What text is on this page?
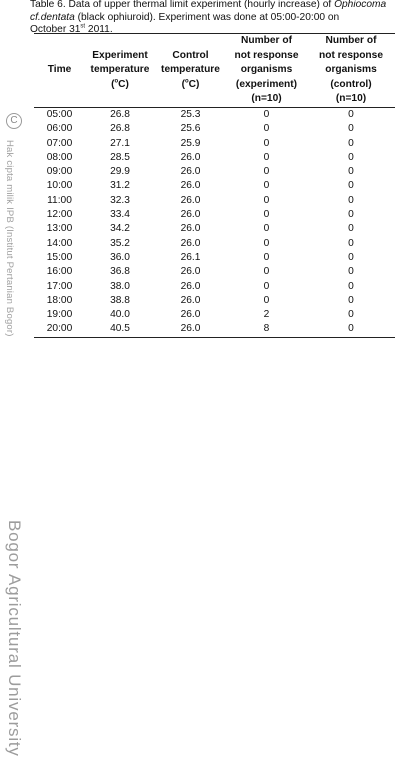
Table 6. Data of upper thermal limit experiment (hourly increase) of Ophiocoma
cf.dentata (black ophiuroid). Experiment was done at 05:00-20:00 on
October 31st 2011.
C
Hak cipta milik IPB (Institut Pertanian Bogor)
Bogor Agricultural University
Time	Experiment
temperature
($^o$C)	Control
temperature
($^o$C)	Number of
not response
organisms
(experiment)
(n=10)	Number of
not response
organisms
(control)
(n=10)
05:00	26.8	25.3	0	0
06:00	26.8	25.6	0	0
07:00	27.1	25.9	0	0
08:00	28.5	26.0	0	0
09:00	29.9	26.0	0	0
10:00	31.2	26.0	0	0
11:00	32.3	26.0	0	0
12:00	33.4	26.0	0	0
13:00	34.2	26.0	0	0
14:00	35.2	26.0	0	0
15:00	36.0	26.1	0	0
16:00	36.8	26.0	0	0
17:00	38.0	26.0	0	0
18:00	38.8	26.0	0	0
19:00	40.0	26.0	2	0
20:00	40.5	26.0	8	0
